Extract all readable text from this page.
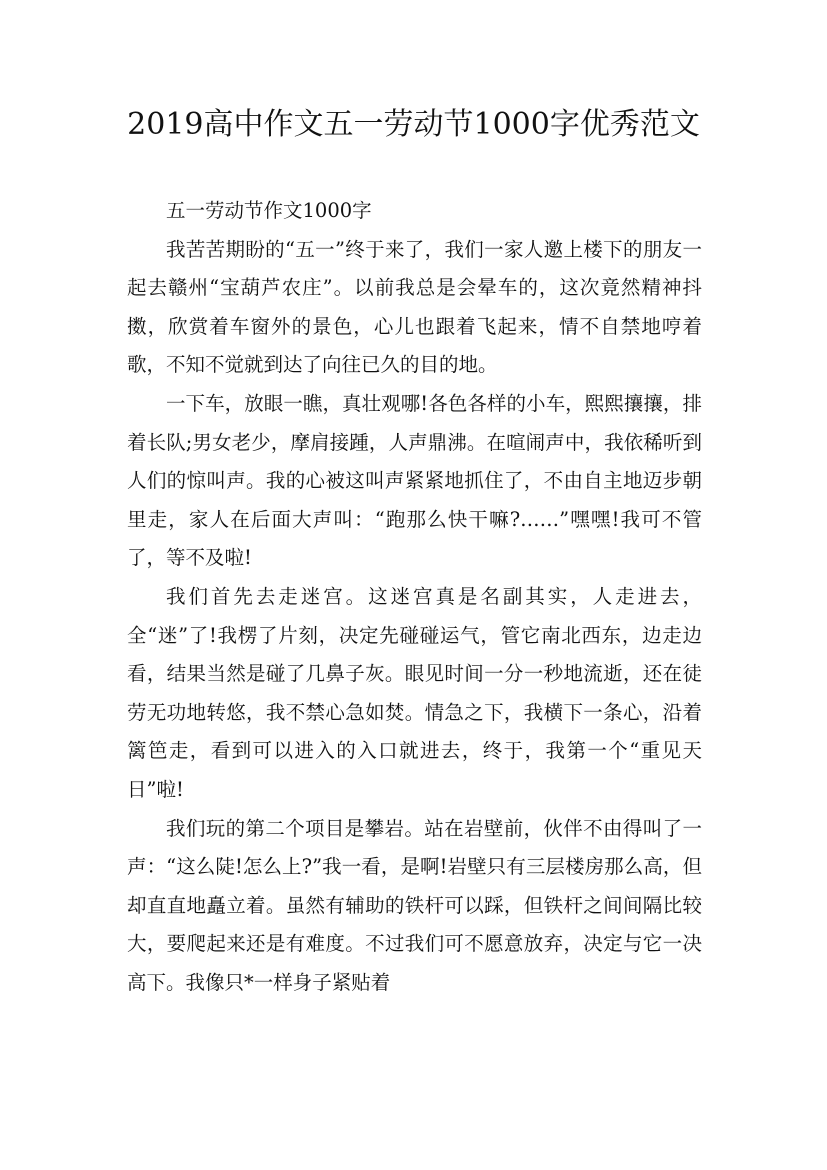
2019高中作文五一劳动节1000字优秀范文

五一劳动节作文1000字

我苦苦期盼的“五一”终于来了，我们一家人邀上楼下的朋友一起去赣州“宝葫芦农庄”。以前我总是会晕车的，这次竟然精神抖擞，欣赏着车窗外的景色，心儿也跟着飞起来，情不自禁地哼着歌，不知不觉就到达了向往已久的目的地。

一下车，放眼一瞧，真壮观哪!各色各样的小车，熙熙攘攘，排着长队;男女老少，摩肩接踵，人声鼎沸。在喧闹声中，我依稀听到人们的惊叫声。我的心被这叫声紧紧地抓住了，不由自主地迈步朝里走，家人在后面大声叫：“跑那么快干嘛?……”嘿嘿!我可不管了，等不及啦!

我们首先去走迷宫。这迷宫真是名副其实，人走进去，全“迷”了!我楞了片刻，决定先碰碰运气，管它南北西东，边走边看，结果当然是碰了几鼻子灰。眼见时间一分一秒地流逝，还在徒劳无功地转悠，我不禁心急如焚。情急之下，我横下一条心，沿着篱笆走，看到可以进入的入口就进去，终于，我第一个“重见天日”啦!

我们玩的第二个项目是攀岩。站在岩壁前，伙伴不由得叫了一声：“这么陡!怎么上?”我一看，是啊!岩壁只有三层楼房那么高，但却直直地矗立着。虽然有辅助的铁杆可以踩，但铁杆之间间隔比较大，要爬起来还是有难度。不过我们可不愿意放弃，决定与它一决高下。我像只*一样身子紧贴着
